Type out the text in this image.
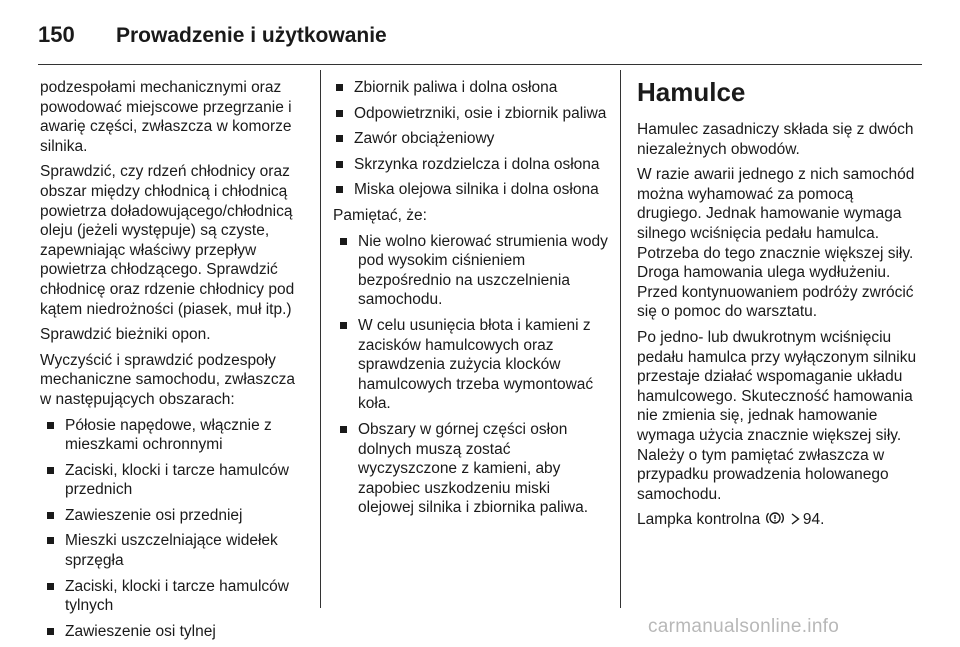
150	Prowadzenie i użytkowanie

podzespołami mechanicznymi oraz powodować miejscowe przegrzanie i awarię części, zwłaszcza w komorze silnika.

Sprawdzić, czy rdzeń chłodnicy oraz obszar między chłodnicą i chłodnicą powietrza doładowującego/chłodnicą oleju (jeżeli występuje) są czyste, zapewniając właściwy przepływ powietrza chłodzącego. Sprawdzić chłodnicę oraz rdzenie chłodnicy pod kątem niedrożności (piasek, muł itp.)

Sprawdzić bieżniki opon.

Wyczyścić i sprawdzić podzespoły mechaniczne samochodu, zwłaszcza w następujących obszarach:

Półosie napędowe, włącznie z mieszkami ochronnymi
Zaciski, klocki i tarcze hamulców przednich
Zawieszenie osi przedniej
Mieszki uszczelniające widełek sprzęgła
Zaciski, klocki i tarcze hamulców tylnych
Zawieszenie osi tylnej
Zbiornik paliwa i dolna osłona
Odpowietrzniki, osie i zbiornik paliwa
Zawór obciążeniowy
Skrzynka rozdzielcza i dolna osłona
Miska olejowa silnika i dolna osłona

Pamiętać, że:

Nie wolno kierować strumienia wody pod wysokim ciśnieniem bezpośrednio na uszczelnienia samochodu.
W celu usunięcia błota i kamieni z zacisków hamulcowych oraz sprawdzenia zużycia klocków hamulcowych trzeba wymontować koła.
Obszary w górnej części osłon dolnych muszą zostać wyczyszczone z kamieni, aby zapobiec uszkodzeniu miski olejowej silnika i zbiornika paliwa.
Hamulce

Hamulec zasadniczy składa się z dwóch niezależnych obwodów.

W razie awarii jednego z nich samochód można wyhamować za pomocą drugiego. Jednak hamowanie wymaga silnego wciśnięcia pedału hamulca. Potrzeba do tego znacznie większej siły. Droga hamowania ulega wydłużeniu. Przed kontynuowaniem podróży zwrócić się o pomoc do warsztatu.

Po jedno- lub dwukrotnym wciśnięciu pedału hamulca przy wyłączonym silniku przestaje działać wspomaganie układu hamulcowego. Skuteczność hamowania nie zmienia się, jednak hamowanie wymaga użycia znacznie większej siły. Należy o tym pamiętać zwłaszcza w przypadku prowadzenia holowanego samochodu.

Lampka kontrolna	94.

carmanualsonline.info
